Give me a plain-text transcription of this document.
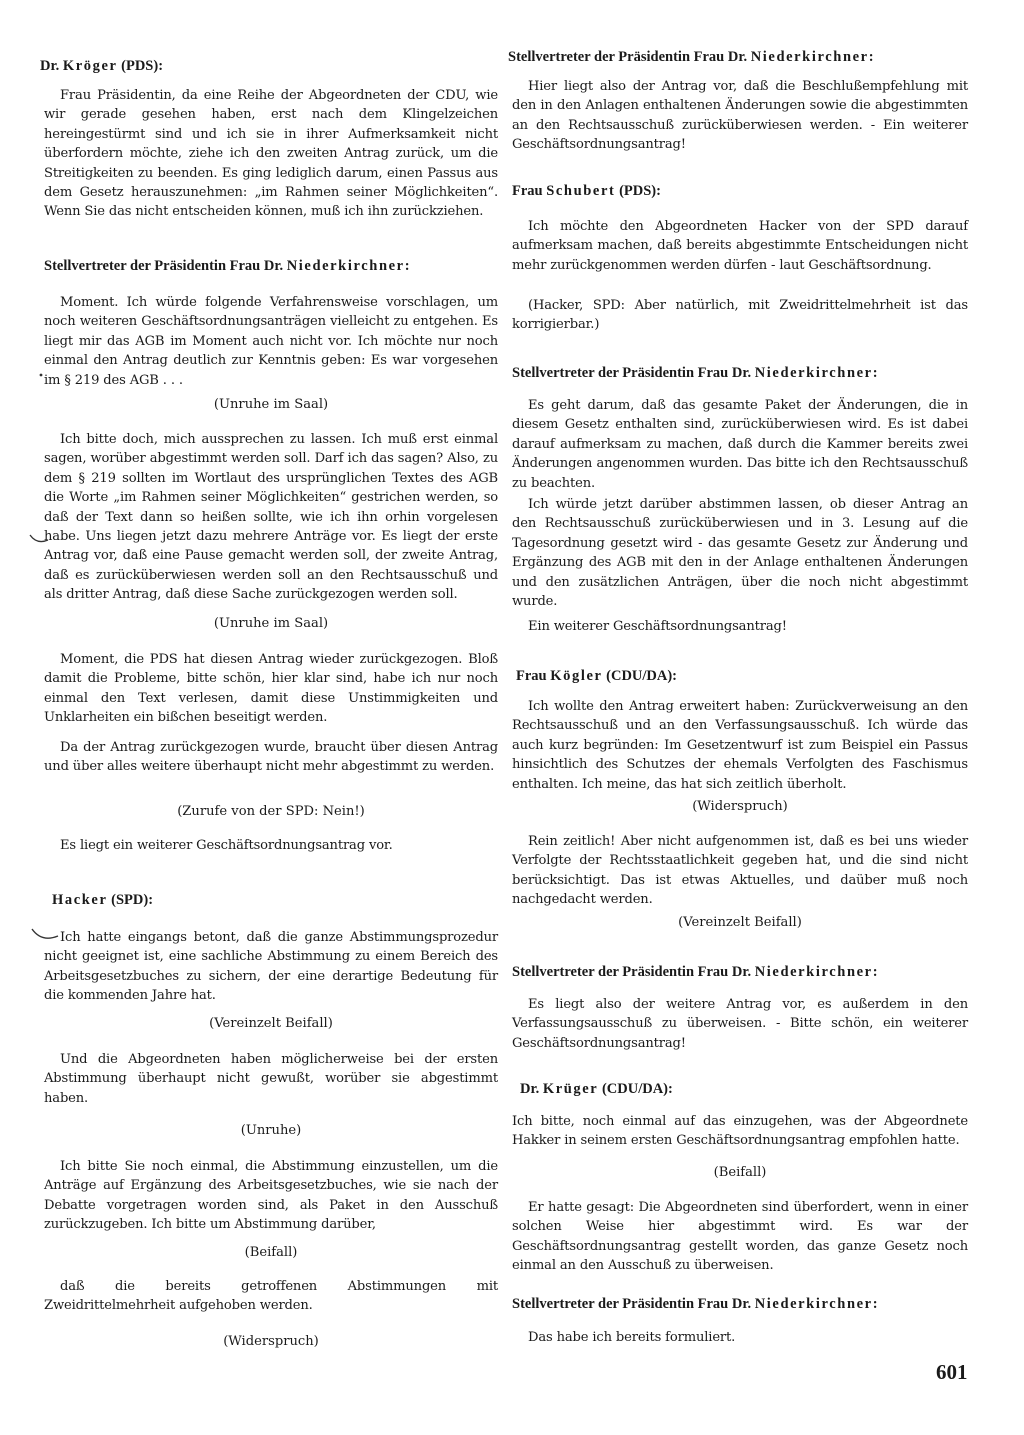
Dr. Kröger (PDS):

Frau Präsidentin, da eine Reihe der Abgeordneten der CDU, wie wir gerade gesehen haben, erst nach dem Klingelzeichen hereingestürmt sind und ich sie in ihrer Aufmerksamkeit nicht überfordern möchte, ziehe ich den zweiten Antrag zurück, um die Streitigkeiten zu beenden. Es ging lediglich darum, einen Passus aus dem Gesetz herauszunehmen: „im Rahmen seiner Möglichkeiten“. Wenn Sie das nicht entscheiden können, muß ich ihn zurückziehen.

Stellvertreter der Präsidentin Frau Dr. Niederkirchner:

Moment. Ich würde folgende Verfahrensweise vorschlagen, um noch weiteren Geschäftsordnungsanträgen vielleicht zu entgehen. Es liegt mir das AGB im Moment auch nicht vor. Ich möchte nur noch einmal den Antrag deutlich zur Kenntnis geben: Es war vorgesehen im § 219 des AGB . . .

(Unruhe im Saal)

Ich bitte doch, mich aussprechen zu lassen. Ich muß erst einmal sagen, worüber abgestimmt werden soll. Darf ich das sagen? Also, zu dem § 219 sollten im Wortlaut des ursprünglichen Textes des AGB die Worte „im Rahmen seiner Möglichkeiten“ gestrichen werden, so daß der Text dann so heißen sollte, wie ich ihn orhin vorgelesen habe. Uns liegen jetzt dazu mehrere Anträge vor. Es liegt der erste Antrag vor, daß eine Pause gemacht werden soll, der zweite Antrag, daß es zurücküberwiesen werden soll an den Rechtsausschuß und als dritter Antrag, daß diese Sache zurückgezogen werden soll.

(Unruhe im Saal)

Moment, die PDS hat diesen Antrag wieder zurückgezogen. Bloß damit die Probleme, bitte schön, hier klar sind, habe ich nur noch einmal den Text verlesen, damit diese Unstimmigkeiten und Unklarheiten ein bißchen beseitigt werden.

Da der Antrag zurückgezogen wurde, braucht über diesen Antrag und über alles weitere überhaupt nicht mehr abgestimmt zu werden.

(Zurufe von der SPD: Nein!)

Es liegt ein weiterer Geschäftsordnungsantrag vor.

Hacker (SPD):

Ich hatte eingangs betont, daß die ganze Abstimmungsprozedur nicht geeignet ist, eine sachliche Abstimmung zu einem Bereich des Arbeitsgesetzbuches zu sichern, der eine derartige Bedeutung für die kommenden Jahre hat.

(Vereinzelt Beifall)

Und die Abgeordneten haben möglicherweise bei der ersten Abstimmung überhaupt nicht gewußt, worüber sie abgestimmt haben.

(Unruhe)

Ich bitte Sie noch einmal, die Abstimmung einzustellen, um die Anträge auf Ergänzung des Arbeitsgesetzbuches, wie sie nach der Debatte vorgetragen worden sind, als Paket in den Ausschuß zurückzugeben. Ich bitte um Abstimmung darüber,

(Beifall)

daß die bereits getroffenen Abstimmungen mit Zweidrittelmehrheit aufgehoben werden.

(Widerspruch)

Stellvertreter der Präsidentin Frau Dr. Niederkirchner:

Hier liegt also der Antrag vor, daß die Beschlußempfehlung mit den in den Anlagen enthaltenen Änderungen sowie die abgestimmten an den Rechtsausschuß zurücküberwiesen werden. - Ein weiterer Geschäftsordnungsantrag!

Frau Schubert (PDS):

Ich möchte den Abgeordneten Hacker von der SPD darauf aufmerksam machen, daß bereits abgestimmte Entscheidungen nicht mehr zurückgenommen werden dürfen - laut Geschäftsordnung.

(Hacker, SPD: Aber natürlich, mit Zweidrittelmehrheit ist das korrigierbar.)

Stellvertreter der Präsidentin Frau Dr. Niederkirchner:

Es geht darum, daß das gesamte Paket der Änderungen, die in diesem Gesetz enthalten sind, zurücküberwiesen wird. Es ist dabei darauf aufmerksam zu machen, daß durch die Kammer bereits zwei Änderungen angenommen wurden. Das bitte ich den Rechtsausschuß zu beachten.

Ich würde jetzt darüber abstimmen lassen, ob dieser Antrag an den Rechtsausschuß zurücküberwiesen und in 3. Lesung auf die Tagesordnung gesetzt wird - das gesamte Gesetz zur Änderung und Ergänzung des AGB mit den in der Anlage enthaltenen Änderungen und den zusätzlichen Anträgen, über die noch nicht abgestimmt wurde.

Ein weiterer Geschäftsordnungsantrag!

Frau Kögler (CDU/DA):

Ich wollte den Antrag erweitert haben: Zurückverweisung an den Rechtsausschuß und an den Verfassungsausschuß. Ich würde das auch kurz begründen: Im Gesetzentwurf ist zum Beispiel ein Passus hinsichtlich des Schutzes der ehemals Verfolgten des Faschismus enthalten. Ich meine, das hat sich zeitlich überholt.

(Widerspruch)

Rein zeitlich! Aber nicht aufgenommen ist, daß es bei uns wieder Verfolgte der Rechtsstaatlichkeit gegeben hat, und die sind nicht berücksichtigt. Das ist etwas Aktuelles, und daüber muß noch nachgedacht werden.

(Vereinzelt Beifall)

Stellvertreter der Präsidentin Frau Dr. Niederkirchner:

Es liegt also der weitere Antrag vor, es außerdem in den Verfassungsausschuß zu überweisen. - Bitte schön, ein weiterer Geschäftsordnungsantrag!

Dr. Krüger (CDU/DA):

Ich bitte, noch einmal auf das einzugehen, was der Abgeordnete Hakker in seinem ersten Geschäftsordnungsantrag empfohlen hatte.

(Beifall)

Er hatte gesagt: Die Abgeordneten sind überfordert, wenn in einer solchen Weise hier abgestimmt wird. Es war der Geschäftsordnungsantrag gestellt worden, das ganze Gesetz noch einmal an den Ausschuß zu überweisen.

Stellvertreter der Präsidentin Frau Dr. Niederkirchner:

Das habe ich bereits formuliert.

601
